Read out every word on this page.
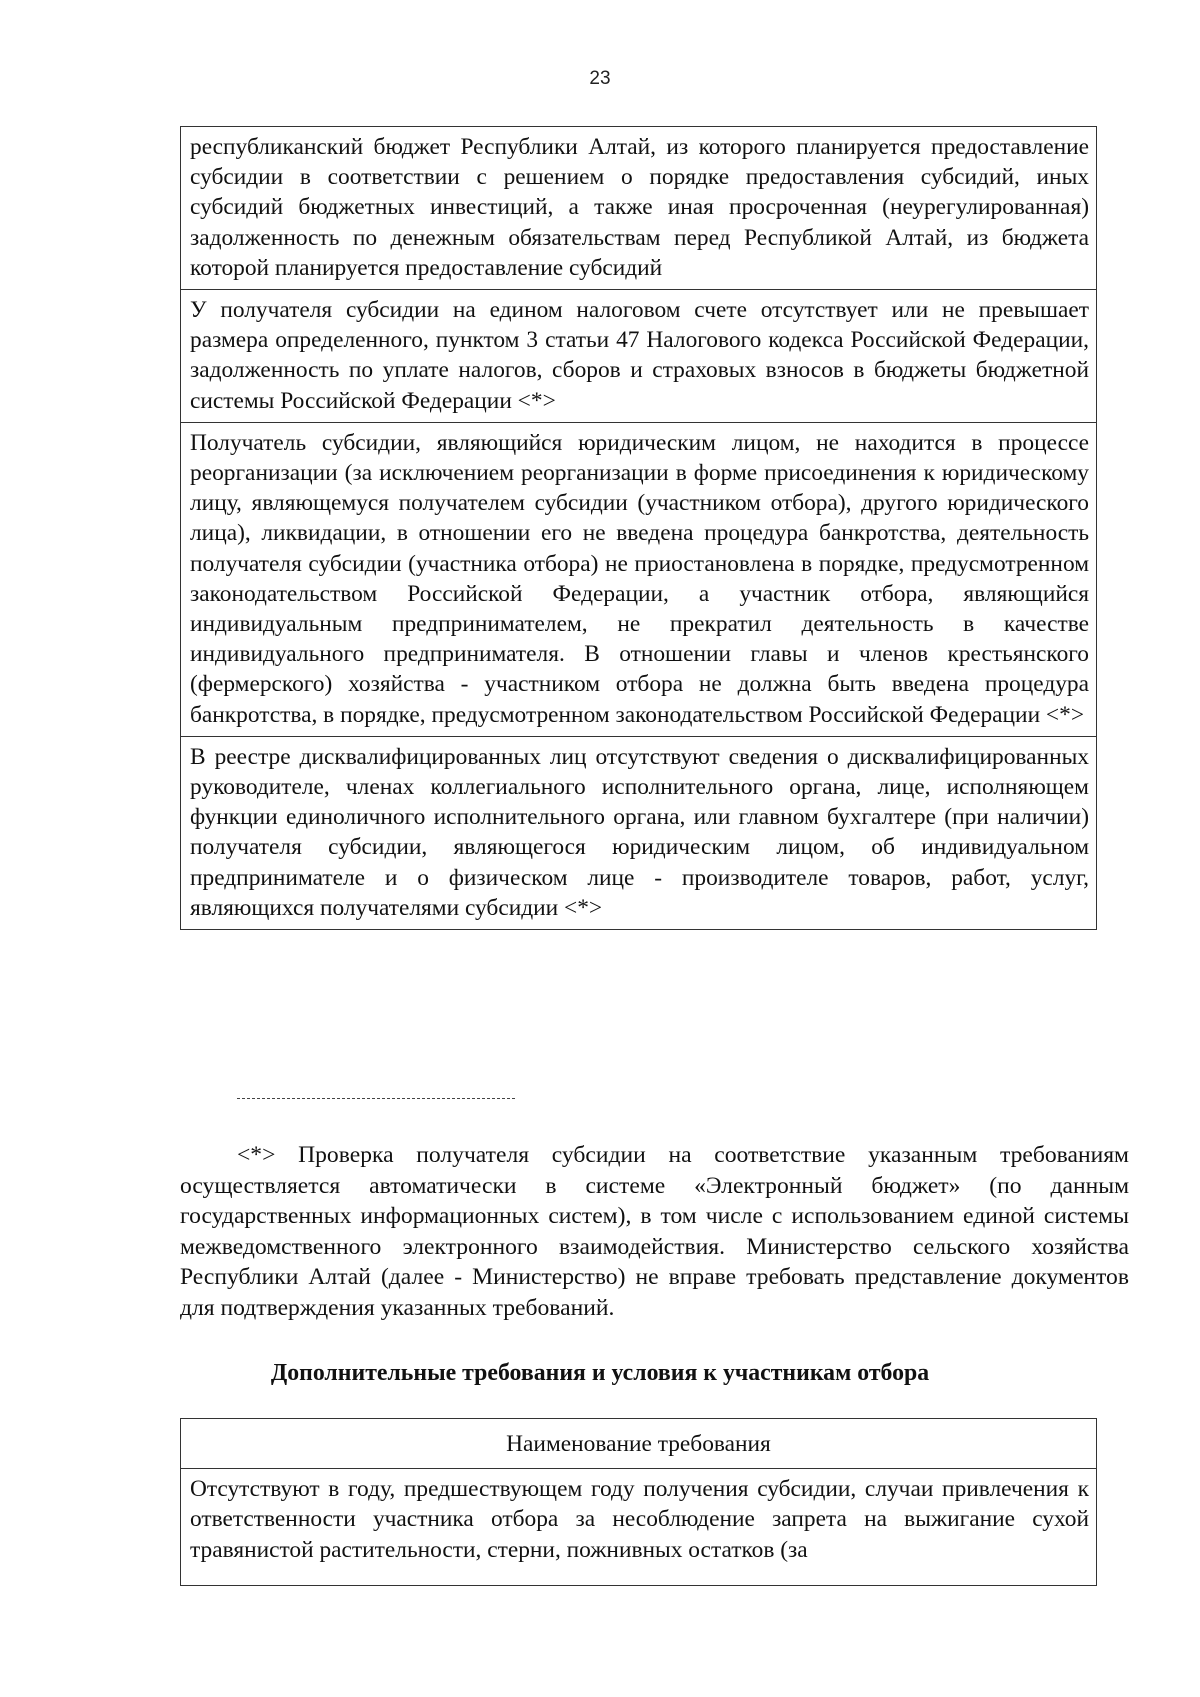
23
республиканский бюджет Республики Алтай, из которого планируется предоставление субсидии в соответствии с решением о порядке предоставления субсидий, иных субсидий бюджетных инвестиций, а также иная просроченная (неурегулированная) задолженность по денежным обязательствам перед Республикой Алтай, из бюджета которой планируется предоставление субсидий
У получателя субсидии на едином налоговом счете отсутствует или не превышает размера определенного, пунктом 3 статьи 47 Налогового кодекса Российской Федерации, задолженность по уплате налогов, сборов и страховых взносов в бюджеты бюджетной системы Российской Федерации <*>
Получатель субсидии, являющийся юридическим лицом, не находится в процессе реорганизации (за исключением реорганизации в форме присоединения к юридическому лицу, являющемуся получателем субсидии (участником отбора), другого юридического лица), ликвидации, в отношении его не введена процедура банкротства, деятельность получателя субсидии (участника отбора) не приостановлена в порядке, предусмотренном законодательством Российской Федерации, а участник отбора, являющийся индивидуальным предпринимателем, не прекратил деятельность в качестве индивидуального предпринимателя. В отношении главы и членов крестьянского (фермерского) хозяйства - участником отбора не должна быть введена процедура банкротства, в порядке, предусмотренном законодательством Российской Федерации <*>
В реестре дисквалифицированных лиц отсутствуют сведения о дисквалифицированных руководителе, членах коллегиального исполнительного органа, лице, исполняющем функции единоличного исполнительного органа, или главном бухгалтере (при наличии) получателя субсидии, являющегося юридическим лицом, об индивидуальном предпринимателе и о физическом лице - производителе товаров, работ, услуг, являющихся получателями субсидии <*>

<*> Проверка получателя субсидии на соответствие указанным требованиям осуществляется автоматически в системе «Электронный бюджет» (по данным государственных информационных систем), в том числе с использованием единой системы межведомственного электронного взаимодействия. Министерство сельского хозяйства Республики Алтай (далее - Министерство) не вправе требовать представление документов для подтверждения указанных требований.

Дополнительные требования и условия к участникам отбора
Наименование требования
Отсутствуют в году, предшествующем году получения субсидии, случаи привлечения к ответственности участника отбора за несоблюдение запрета на выжигание сухой травянистой растительности, стерни, пожнивных остатков (за
